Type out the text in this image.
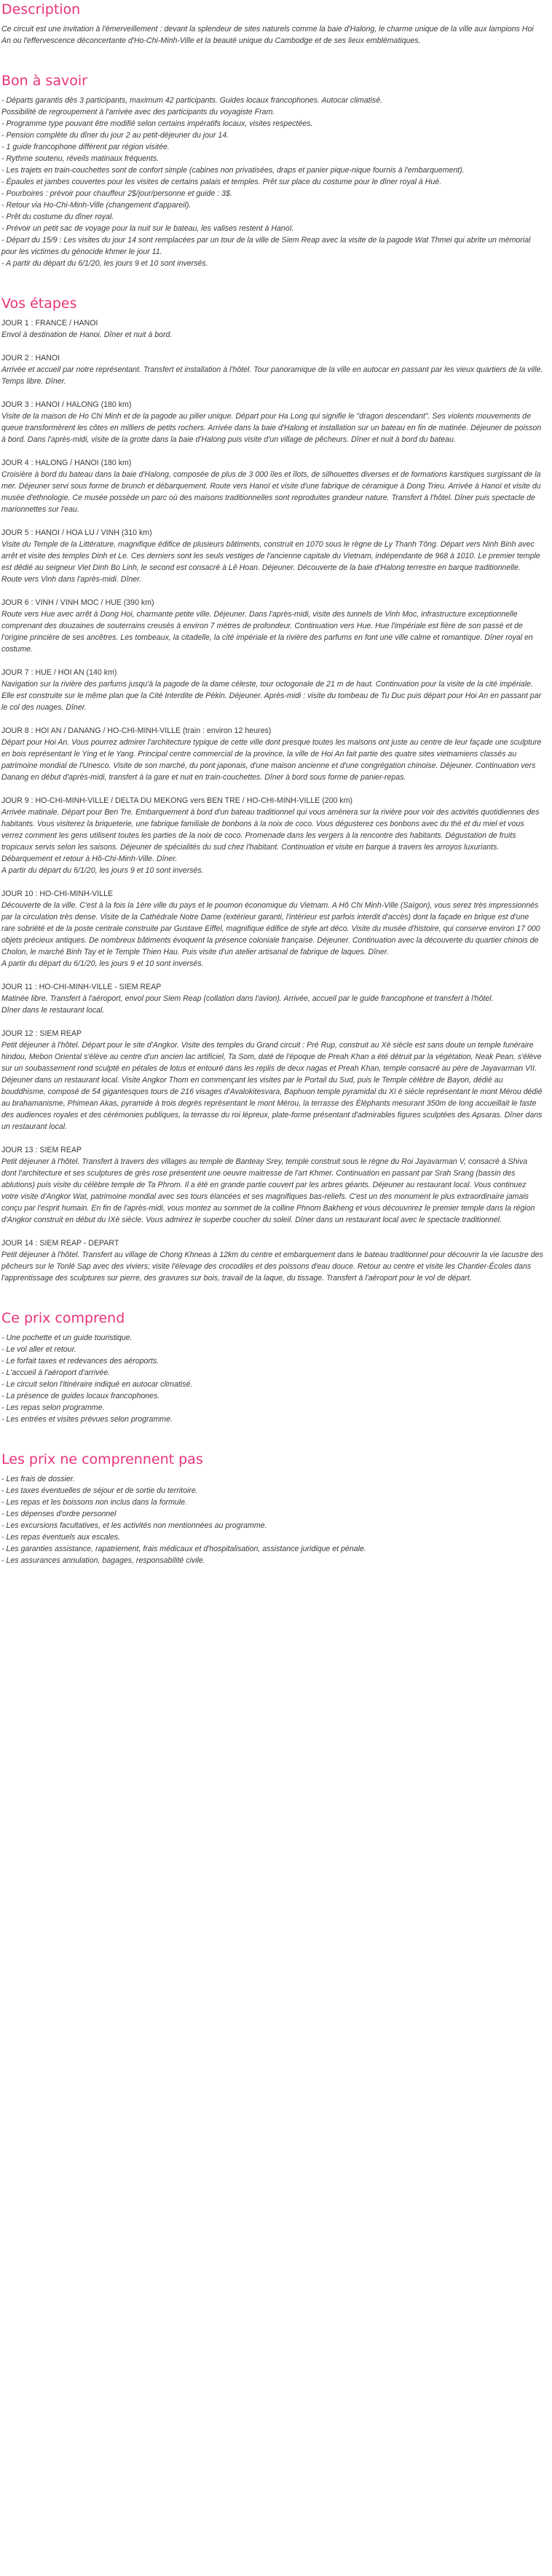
Description

Ce circuit est une invitation à l'émerveillement : devant la splendeur de sites naturels comme la baie d'Halong, le charme unique de la ville aux lampions Hoi An ou l'effervescence déconcertante d'Ho-Chi-Minh-Ville et la beauté unique du Cambodge et de ses lieux emblématiques.

Bon à savoir
- Départs garantis dès 3 participants, maximum 42 participants. Guides locaux francophones. Autocar climatisé.
Possibilité de regroupement à l'arrivée avec des participants du voyagiste Fram.
- Programme type pouvant être modifié selon certains impératifs locaux, visites respectées.
- Pension complète du dîner du jour 2 au petit-déjeuner du jour 14.
- 1 guide francophone différent par région visitée.
- Rythme soutenu, réveils matinaux fréquents.
- Les trajets en train-couchettes sont de confort simple (cabines non privatisées, draps et panier pique-nique fournis à l'embarquement).
- Épaules et jambes couvertes pour les visites de certains palais et temples. Prêt sur place du costume pour le dîner royal à Hué.
- Pourboires : prévoir pour chauffeur 2$/jour/personne et guide : 3$.
- Retour via Ho-Chi-Minh-Ville (changement d'appareil).
- Prêt du costume du dîner royal.
- Prévoir un petit sac de voyage pour la nuit sur le bateau, les valises restent à Hanoï.
- Départ du 15/9 : Les visites du jour 14 sont remplacées par un tour de la ville de Siem Reap avec la visite de la pagode Wat Thmei qui abrite un mémorial pour les victimes du génocide khmer le jour 11.
- A partir du départ du 6/1/20, les jours 9 et 10 sont inversés.
Vos étapes
JOUR 1 : FRANCE / HANOI
Envol à destination de Hanoi. Dîner et nuit à bord.
JOUR 2 : HANOI
Arrivée et accueil par notre représentant. Transfert et installation à l'hôtel. Tour panoramique de la ville en autocar en passant par les vieux quartiers de la ville. Temps libre. Dîner.
JOUR 3 : HANOI / HALONG (180 km)
Visite de la maison de Ho Chi Minh et de la pagode au pilier unique. Départ pour Ha Long qui signifie le "dragon descendant". Ses violents mouvements de queue transformèrent les côtes en milliers de petits rochers. Arrivée dans la baie d'Halong et installation sur un bateau en fin de matinée. Déjeuner de poisson à bord. Dans l'après-midi, visite de la grotte dans la baie d'Halong puis visite d'un village de pêcheurs. Dîner et nuit à bord du bateau.
JOUR 4 : HALONG / HANOI (180 km)
Croisière à bord du bateau dans la baie d'Halong, composée de plus de 3 000 îles et îlots, de silhouettes diverses et de formations karstiques surgissant de la mer. Déjeuner servi sous forme de brunch et débarquement. Route vers Hanoï et visite d'une fabrique de céramique à Dong Trieu. Arrivée à Hanoï et visite du musée d'ethnologie. Ce musée possède un parc où des maisons traditionnelles sont reproduites grandeur nature. Transfert à l'hôtel. Dîner puis spectacle de marionnettes sur l'eau.
JOUR 5 : HANOI / HOA LU / VINH (310 km)
Visite du Temple de la Littérature, magnifique édifice de plusieurs bâtiments, construit en 1070 sous le règne de Ly Thanh Tông. Départ vers Ninh Binh avec arrêt et visite des temples Dinh et Le. Ces derniers sont les seuls vestiges de l'ancienne capitale du Vietnam, indépendante de 968 à 1010. Le premier temple est dédié au seigneur Viet Dinh Bo Linh, le second est consacré à Lê Hoan. Déjeuner. Découverte de la baie d'Halong terrestre en barque traditionnelle. Route vers Vinh dans l'après-midi. Dîner.
JOUR 6 : VINH / VINH MOC / HUE (390 km)
Route vers Hue avec arrêt à Dong Hoi, charmante petite ville. Déjeuner. Dans l'après-midi, visite des tunnels de Vinh Moc, infrastructure exceptionnelle comprenant des douzaines de souterrains creusés à environ 7 mètres de profondeur. Continuation vers Hue. Hue l'impériale est fière de son passé et de l'origine princière de ses ancêtres. Les tombeaux, la citadelle, la cité impériale et la rivière des parfums en font une ville calme et romantique. Dîner royal en costume.
JOUR 7 : HUE / HOI AN (140 km)
Navigation sur la rivière des parfums jusqu'à la pagode de la dame céleste, tour octogonale de 21 m de haut. Continuation pour la visite de la cité impériale. Elle est construite sur le même plan que la Cité Interdite de Pékin. Déjeuner. Après-midi : visite du tombeau de Tu Duc puis départ pour Hoi An en passant par le col des nuages. Dîner.
JOUR 8 : HOI AN / DANANG / HO-CHI-MINH-VILLE (train : environ 12 heures)
Départ pour Hoi An. Vous pourrez admirer l'architecture typique de cette ville dont presque toutes les maisons ont juste au centre de leur façade une sculpture en bois représentant le Ying et le Yang. Principal centre commercial de la province, la ville de Hoi An fait partie des quatre sites vietnamiens classés au patrimoine mondial de l'Unesco. Visite de son marché, du pont japonais, d'une maison ancienne et d'une congrégation chinoise. Déjeuner. Continuation vers Danang en début d'après-midi, transfert à la gare et nuit en train-couchettes. Dîner à bord sous forme de panier-repas.
JOUR 9 : HO-CHI-MINH-VILLE / DELTA DU MEKONG vers BEN TRE / HO-CHI-MINH-VILLE (200 km)
Arrivée matinale. Départ pour Ben Tre. Embarquement à bord d'un bateau traditionnel qui vous amènera sur la rivière pour voir des activités quotidiennes des habitants. Vous visiterez la briqueterie, une fabrique familiale de bonbons à la noix de coco. Vous dégusterez ces bonbons avec du thé et du miel et vous verrez comment les gens utilisent toutes les parties de la noix de coco. Promenade dans les vergers à la rencontre des habitants. Dégustation de fruits tropicaux servis selon les saisons. Déjeuner de spécialités du sud chez l'habitant. Continuation et visite en barque à travers les arroyos luxuriants. Débarquement et retour à Hô-Chi-Minh-Ville. Dîner.
A partir du départ du 6/1/20, les jours 9 et 10 sont inversés.
JOUR 10 : HO-CHI-MINH-VILLE
Découverte de la ville. C'est à la fois la 1ère ville du pays et le poumon économique du Vietnam. A Hô Chi Minh-Ville (Saïgon), vous serez très impressionnés par la circulation très dense. Visite de la Cathédrale Notre Dame (extérieur garanti, l'intérieur est parfois interdit d'accès) dont la façade en brique est d'une rare sobriété et de la poste centrale construite par Gustave Eiffel, magnifique édifice de style art déco. Visite du musée d'histoire, qui conserve environ 17 000 objets précieux antiques. De nombreux bâtiments évoquent la présence coloniale française. Déjeuner. Continuation avec la découverte du quartier chinois de Cholon, le marché Binh Tay et le Temple Thien Hau. Puis visite d'un atelier artisanal de fabrique de laques. Dîner.
A partir du départ du 6/1/20, les jours 9 et 10 sont inversés.
JOUR 11 : HO-CHI-MINH-VILLE - SIEM REAP
Matinée libre. Transfert à l'aéroport, envol pour Siem Reap (collation dans l'avion). Arrivée, accueil par le guide francophone et transfert à l'hôtel.
Dîner dans le restaurant local.
JOUR 12 : SIEM REAP
Petit déjeuner à l'hôtel. Départ pour le site d'Angkor. Visite des temples du Grand circuit : Pré Rup, construit au Xè siècle est sans doute un temple funéraire hindou, Mebon Oriental s'élève au centre d'un ancien lac artificiel, Ta Som, daté de l'époque de Preah Khan a été détruit par la végétation, Neak Pean, s'élève sur un soubassement rond sculpté en pétales de lotus et entouré dans les replis de deux nagas et Preah Khan, temple consacré au père de Jayavarman VII. Déjeuner dans un restaurant local. Visite Angkor Thom en commençant les visites par le Portail du Sud, puis le Temple célèbre de Bayon, dédié au bouddhisme, composé de 54 gigantesques tours de 216 visages d'Avalokitesvara, Baphuon temple pyramidal du XI è siècle représentant le mont Mérou dédié au brahamanisme, Phimean Akas, pyramide à trois degrés représentant le mont Mérou, la terrasse des Éléphants mesurant 350m de long accueillait le faste des audiences royales et des cérémonies publiques, la terrasse du roi lépreux, plate-forme présentant d'admirables figures sculptées des Apsaras. Dîner dans un restaurant local.
JOUR 13 : SIEM REAP
Petit déjeuner à l'hôtel. Transfert à travers des villages au temple de Banteay Srey, temple construit sous le règne du Roi Jayavarman V, consacré à Shiva dont l'architecture et ses sculptures de grès rose présentent une oeuvre maitresse de l'art Khmer. Continuation en passant par Srah Srang (bassin des ablutions) puis visite du célèbre temple de Ta Phrom. Il a été en grande partie couvert par les arbres géants. Déjeuner au restaurant local. Vous continuez votre visite d'Angkor Wat, patrimoine mondial avec ses tours élancées et ses magnifiques bas-reliefs. C'est un des monument le plus extraordinaire jamais conçu par l'esprit humain. En fin de l'après-midi, vous montez au sommet de la colline Phnom Bakheng et vous découvrirez le premier temple dans la région d'Angkor construit en début du IXè siècle. Vous admirez le superbe coucher du soleil. Dîner dans un restaurant local avec le spectacle traditionnel.
JOUR 14 : SIEM REAP - DEPART
Petit déjeuner à l'hôtel. Transfert au village de Chong Khneas à 12km du centre et embarquement dans le bateau traditionnel pour découvrir la vie lacustre des pêcheurs sur le Tonlé Sap avec des viviers; visite l'élevage des crocodiles et des poissons d'eau douce. Retour au centre et visite les Chantier-Écoles dans l'apprentissage des sculptures sur pierre, des gravures sur bois, travail de la laque, du tissage. Transfert à l'aéroport pour le vol de départ.
Ce prix comprend
- Une pochette et un guide touristique.
- Le vol aller et retour.
- Le forfait taxes et redevances des aéroports.
- L'accueil à l'aéroport d'arrivée.
- Le circuit selon l'itinéraire indiqué en autocar climatisé.
- La présence de guides locaux francophones.
- Les repas selon programme.
- Les entrées et visites prévues selon programme.
Les prix ne comprennent pas
- Les frais de dossier.
- Les taxes éventuelles de séjour et de sortie du territoire.
- Les repas et les boissons non inclus dans la formule.
- Les dépenses d'ordre personnel
- Les excursions facultatives, et les activités non mentionnées au programme.
- Les repas éventuels aux escales.
- Les garanties assistance, rapatriement, frais médicaux et d'hospitalisation, assistance juridique et pénale.
- Les assurances annulation, bagages, responsabilité civile.
